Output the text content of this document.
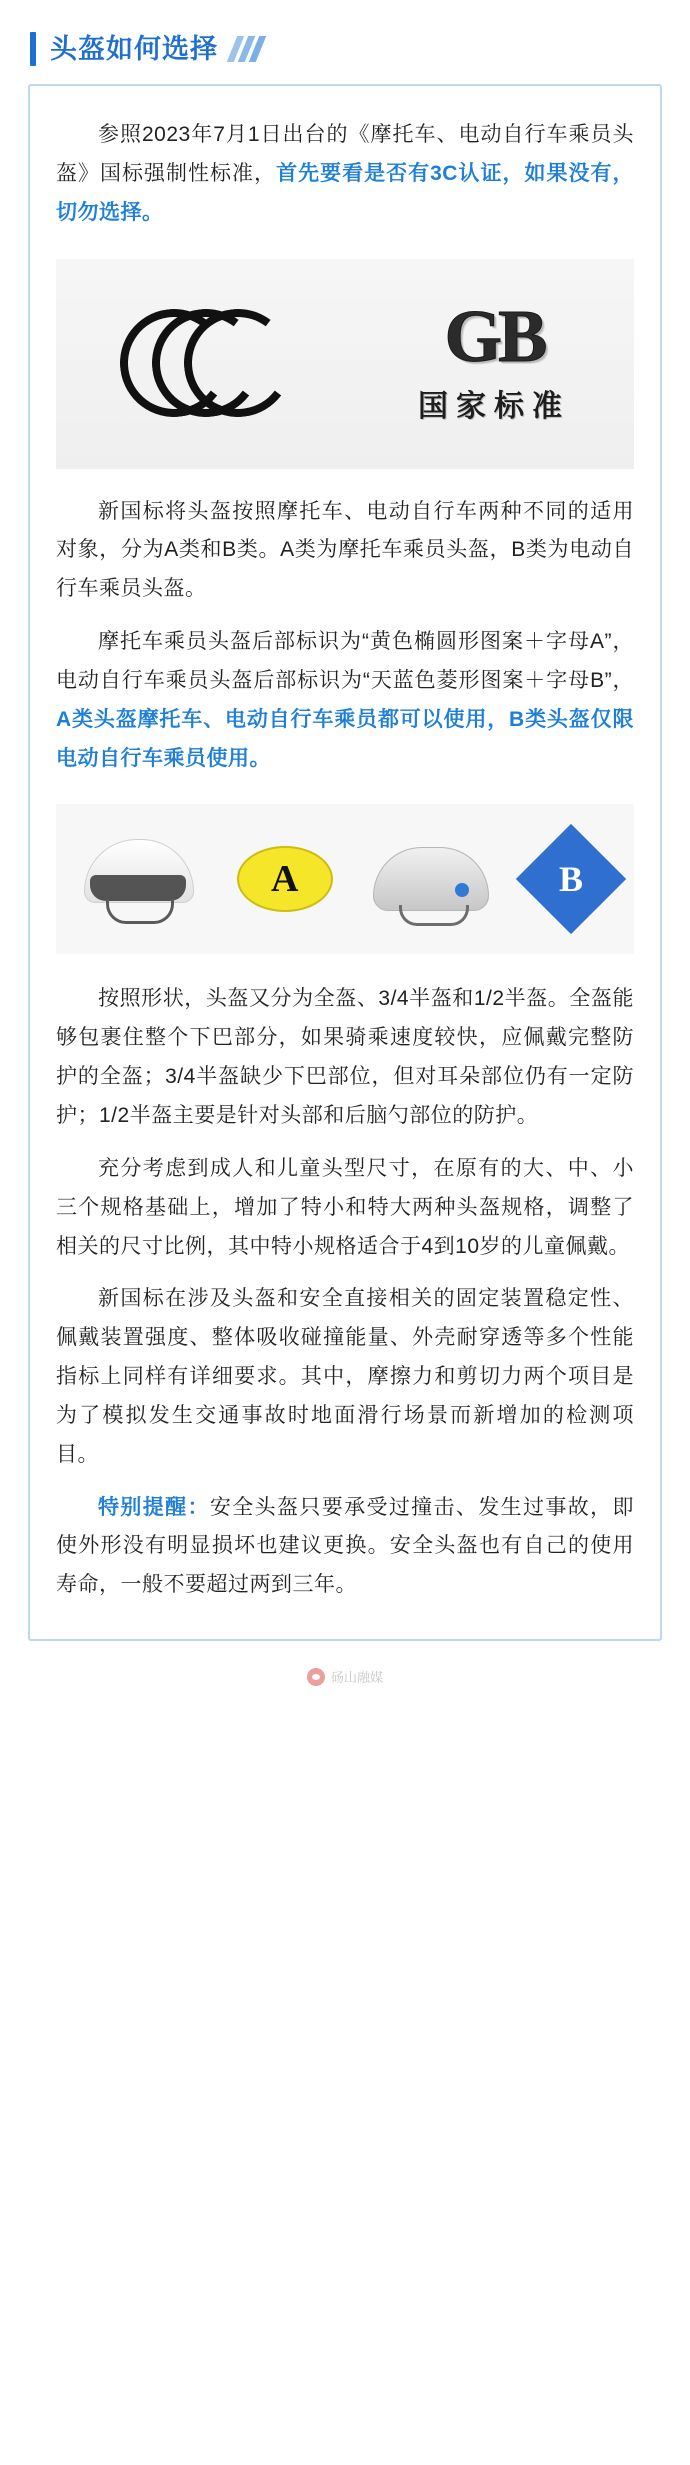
头盔如何选择

参照2023年7月1日出台的《摩托车、电动自行车乘员头盔》国标强制性标准，首先要看是否有3C认证，如果没有，切勿选择。

GB
国家标准

新国标将头盔按照摩托车、电动自行车两种不同的适用对象，分为A类和B类。A类为摩托车乘员头盔，B类为电动自行车乘员头盔。

摩托车乘员头盔后部标识为“黄色椭圆形图案＋字母A”，电动自行车乘员头盔后部标识为“天蓝色菱形图案＋字母B”，A类头盔摩托车、电动自行车乘员都可以使用，B类头盔仅限电动自行车乘员使用。

A	B

按照形状，头盔又分为全盔、3/4半盔和1/2半盔。全盔能够包裹住整个下巴部分，如果骑乘速度较快，应佩戴完整防护的全盔；3/4半盔缺少下巴部位，但对耳朵部位仍有一定防护；1/2半盔主要是针对头部和后脑勺部位的防护。

充分考虑到成人和儿童头型尺寸，在原有的大、中、小三个规格基础上，增加了特小和特大两种头盔规格，调整了相关的尺寸比例，其中特小规格适合于4到10岁的儿童佩戴。

新国标在涉及头盔和安全直接相关的固定装置稳定性、佩戴装置强度、整体吸收碰撞能量、外壳耐穿透等多个性能指标上同样有详细要求。其中，摩擦力和剪切力两个项目是为了模拟发生交通事故时地面滑行场景而新增加的检测项目。

特别提醒：安全头盔只要承受过撞击、发生过事故，即使外形没有明显损坏也建议更换。安全头盔也有自己的使用寿命，一般不要超过两到三年。

砀山融媒
